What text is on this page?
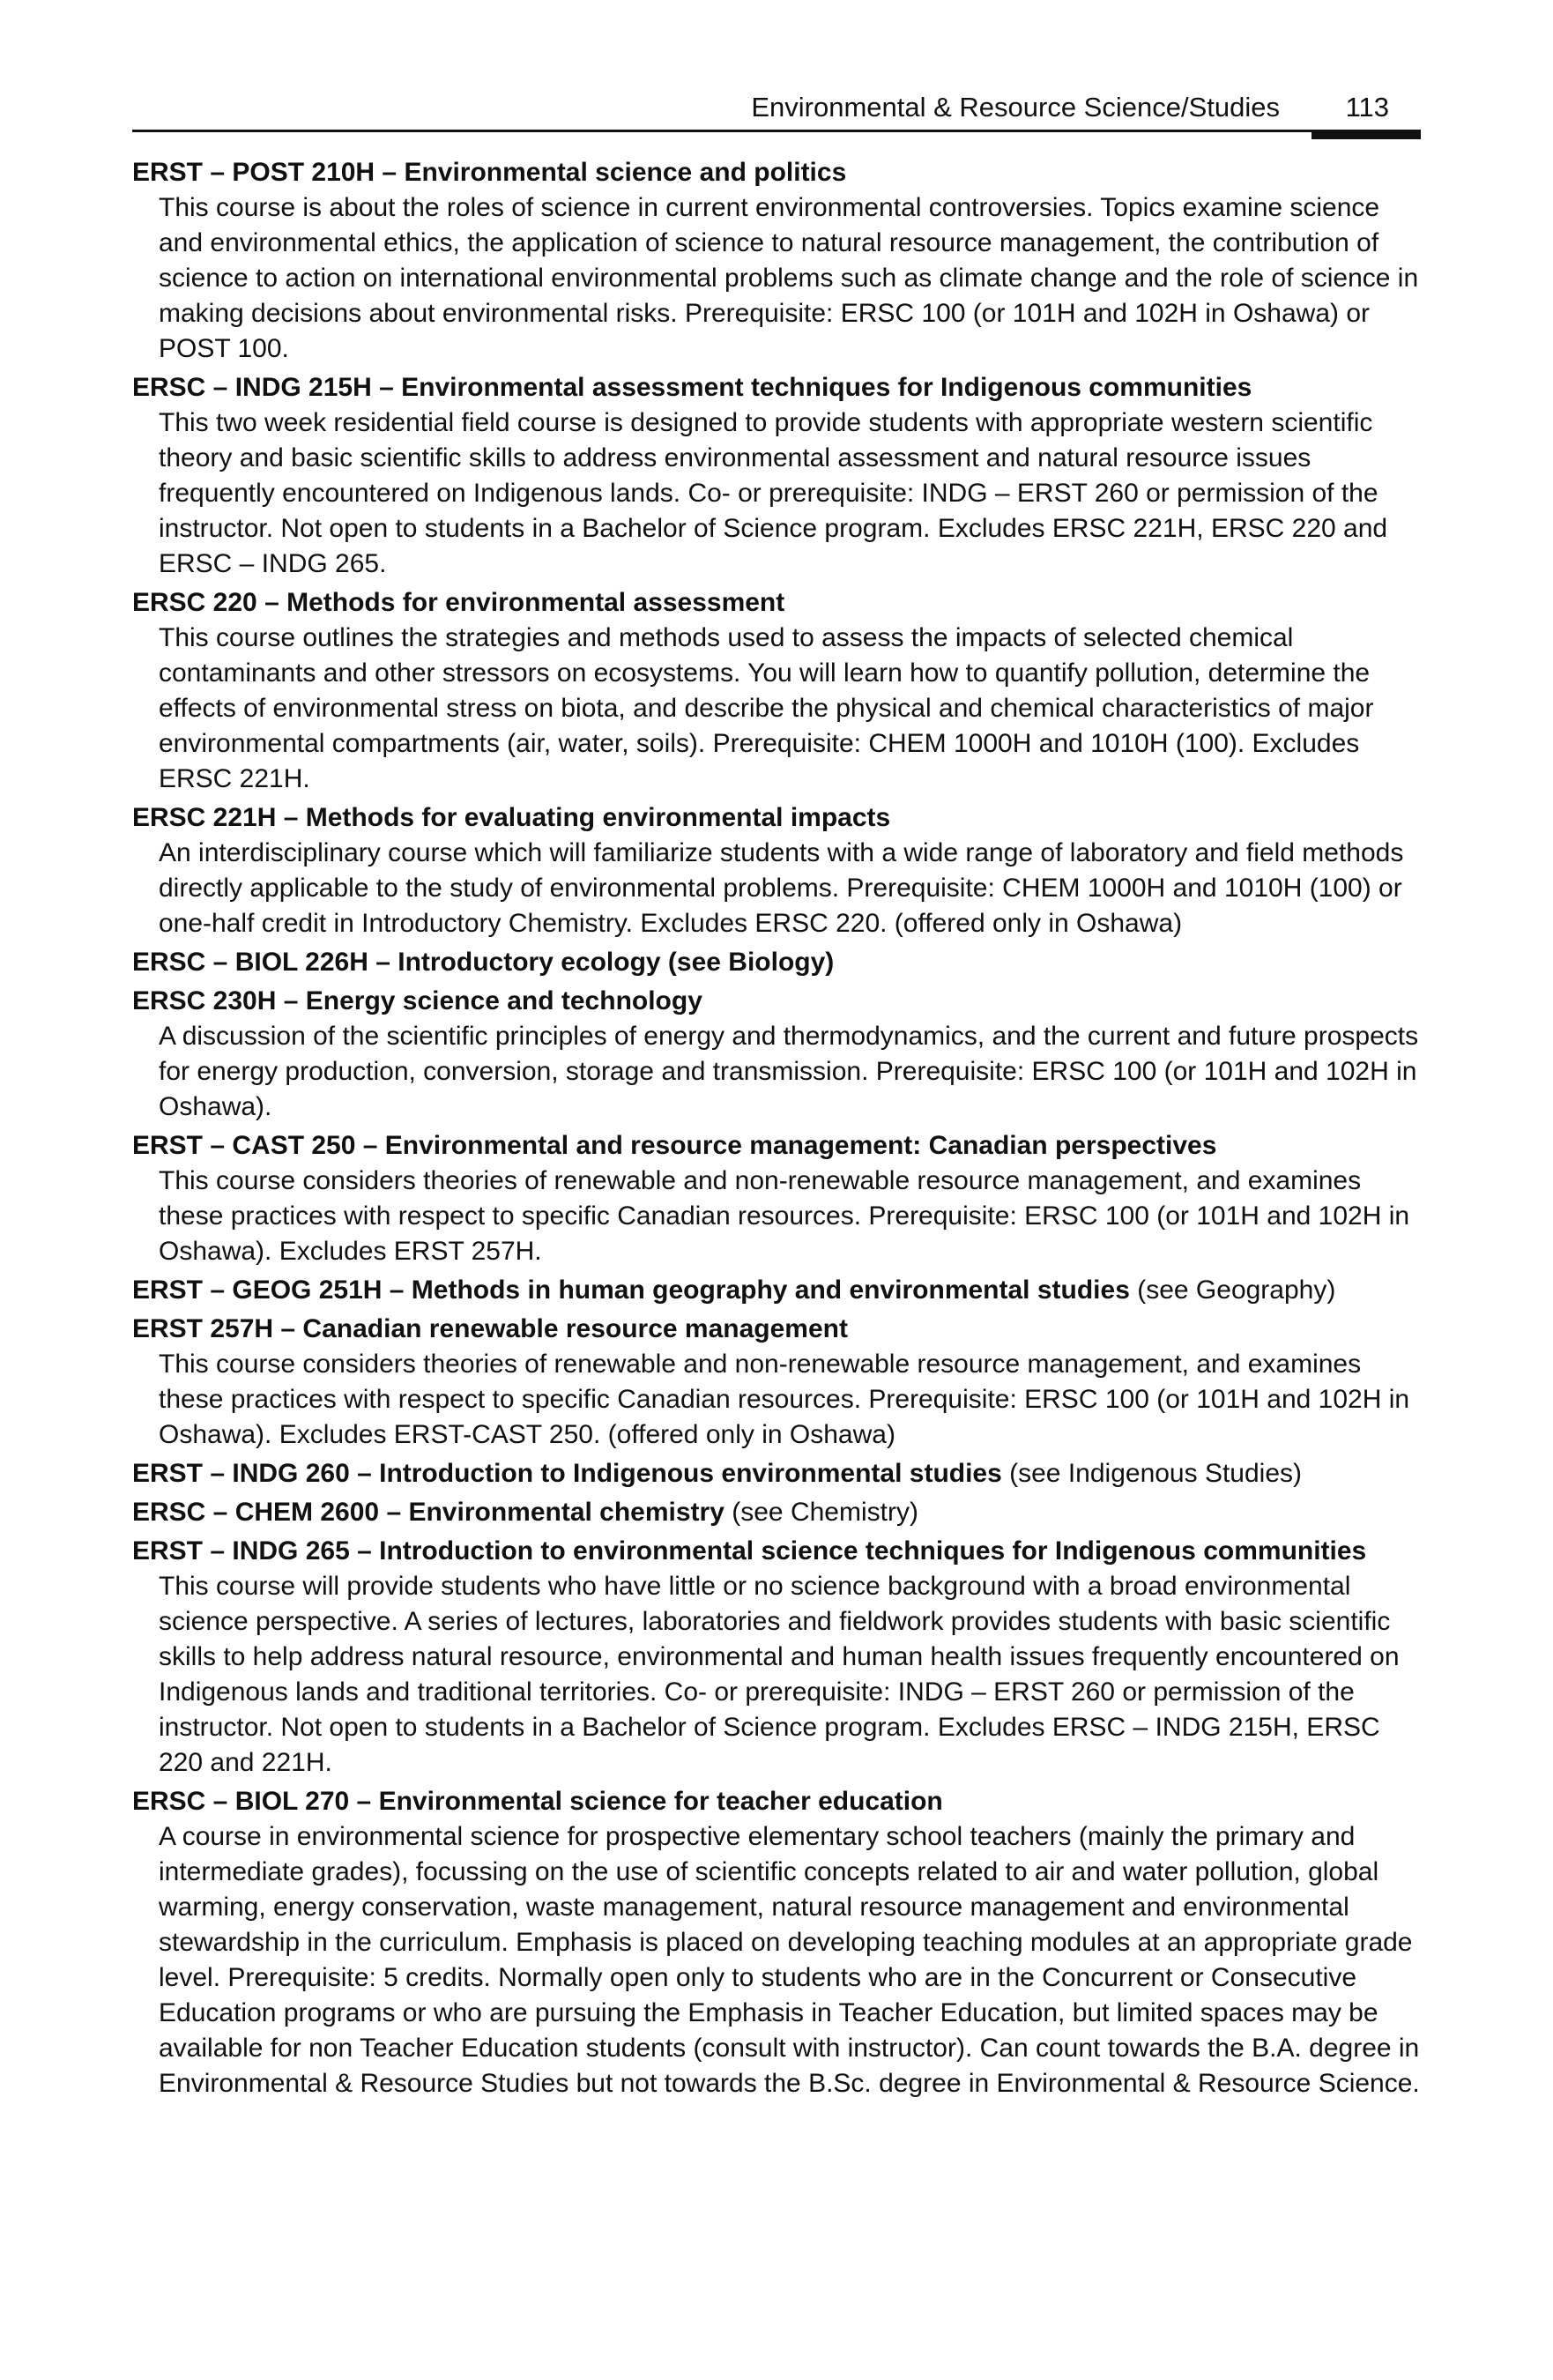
Environmental & Resource Science/Studies 113
ERST – POST 210H – Environmental science and politics
This course is about the roles of science in current environmental controversies. Topics examine science and environmental ethics, the application of science to natural resource management, the contribution of science to action on international environmental problems such as climate change and the role of science in making decisions about environmental risks. Prerequisite: ERSC 100 (or 101H and 102H in Oshawa) or POST 100.
ERSC – INDG 215H – Environmental assessment techniques for Indigenous communities
This two week residential field course is designed to provide students with appropriate western scientific theory and basic scientific skills to address environmental assessment and natural resource issues frequently encountered on Indigenous lands. Co- or prerequisite: INDG – ERST 260 or permission of the instructor. Not open to students in a Bachelor of Science program. Excludes ERSC 221H, ERSC 220 and ERSC – INDG 265.
ERSC 220 – Methods for environmental assessment
This course outlines the strategies and methods used to assess the impacts of selected chemical contaminants and other stressors on ecosystems. You will learn how to quantify pollution, determine the effects of environmental stress on biota, and describe the physical and chemical characteristics of major environmental compartments (air, water, soils). Prerequisite: CHEM 1000H and 1010H (100). Excludes ERSC 221H.
ERSC 221H – Methods for evaluating environmental impacts
An interdisciplinary course which will familiarize students with a wide range of laboratory and field methods directly applicable to the study of environmental problems. Prerequisite: CHEM 1000H and 1010H (100) or one-half credit in Introductory Chemistry. Excludes ERSC 220. (offered only in Oshawa)
ERSC – BIOL 226H – Introductory ecology (see Biology)
ERSC 230H – Energy science and technology
A discussion of the scientific principles of energy and thermodynamics, and the current and future prospects for energy production, conversion, storage and transmission. Prerequisite: ERSC 100 (or 101H and 102H in Oshawa).
ERST – CAST 250 – Environmental and resource management: Canadian perspectives
This course considers theories of renewable and non-renewable resource management, and examines these practices with respect to specific Canadian resources. Prerequisite: ERSC 100 (or 101H and 102H in Oshawa). Excludes ERST 257H.
ERST – GEOG 251H – Methods in human geography and environmental studies (see Geography)
ERST 257H – Canadian renewable resource management
This course considers theories of renewable and non-renewable resource management, and examines these practices with respect to specific Canadian resources. Prerequisite: ERSC 100 (or 101H and 102H in Oshawa). Excludes ERST-CAST 250. (offered only in Oshawa)
ERST – INDG 260 – Introduction to Indigenous environmental studies (see Indigenous Studies)
ERSC – CHEM 2600 – Environmental chemistry (see Chemistry)
ERST – INDG 265 – Introduction to environmental science techniques for Indigenous communities
This course will provide students who have little or no science background with a broad environmental science perspective. A series of lectures, laboratories and fieldwork provides students with basic scientific skills to help address natural resource, environmental and human health issues frequently encountered on Indigenous lands and traditional territories. Co- or prerequisite: INDG – ERST 260 or permission of the instructor. Not open to students in a Bachelor of Science program. Excludes ERSC – INDG 215H, ERSC 220 and 221H.
ERSC – BIOL 270 – Environmental science for teacher education
A course in environmental science for prospective elementary school teachers (mainly the primary and intermediate grades), focussing on the use of scientific concepts related to air and water pollution, global warming, energy conservation, waste management, natural resource management and environmental stewardship in the curriculum. Emphasis is placed on developing teaching modules at an appropriate grade level. Prerequisite: 5 credits. Normally open only to students who are in the Concurrent or Consecutive Education programs or who are pursuing the Emphasis in Teacher Education, but limited spaces may be available for non Teacher Education students (consult with instructor). Can count towards the B.A. degree in Environmental & Resource Studies but not towards the B.Sc. degree in Environmental & Resource Science.
